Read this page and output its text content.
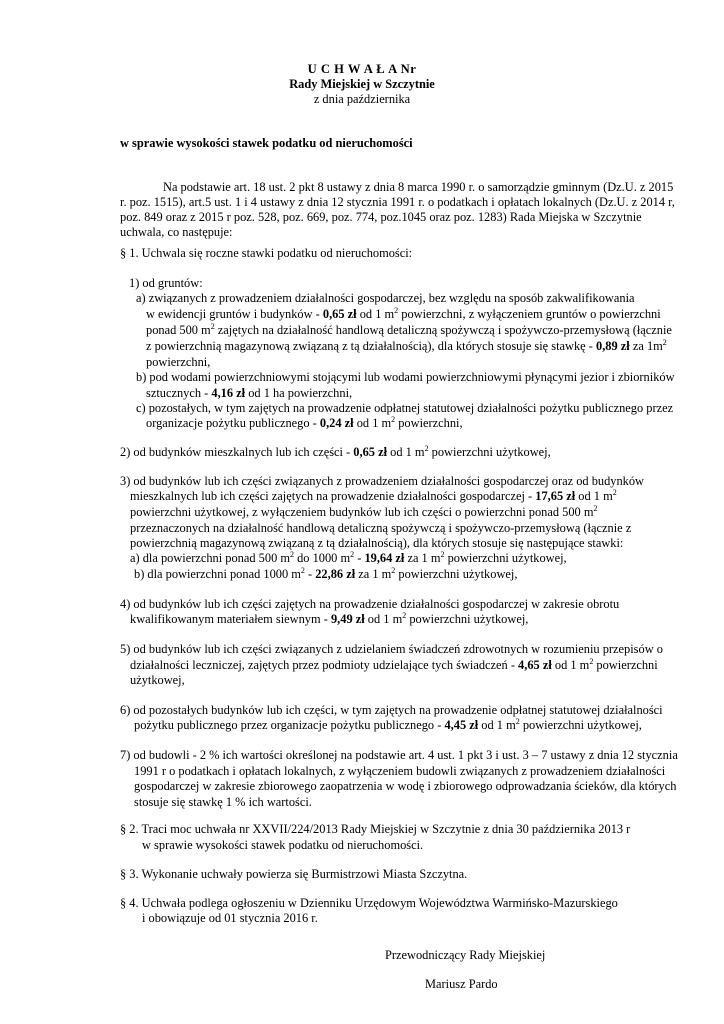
U C H W A Ł A Nr
Rady Miejskiej w Szczytnie
z dnia października
w sprawie wysokości stawek podatku od nieruchomości
Na podstawie art. 18 ust. 2 pkt 8 ustawy z dnia 8 marca 1990 r. o samorządzie gminnym (Dz.U. z 2015
r. poz. 1515), art.5 ust. 1 i 4 ustawy z dnia 12 stycznia 1991 r. o podatkach i opłatach lokalnych (Dz.U. z 2014 r,
poz. 849 oraz z 2015 r poz. 528, poz. 669, poz. 774, poz.1045 oraz poz. 1283) Rada Miejska w Szczytnie
uchwala, co następuje:
§ 1. Uchwala się roczne stawki podatku od nieruchomości:
1) od gruntów:
a) związanych z prowadzeniem działalności gospodarczej, bez względu na sposób zakwalifikowania
w ewidencji gruntów i budynków - 0,65 zł od 1 $m^2$ powierzchni, z wyłączeniem gruntów o powierzchni
ponad 500 $m^2$ zajętych na działalność handlową detaliczną spożywczą i spożywczo-przemysłową (łącznie
z powierzchnią magazynową związaną z tą działalnością), dla których stosuje się stawkę - 0,89 zł za $1m^2$
powierzchni,
b) pod wodami powierzchniowymi stojącymi lub wodami powierzchniowymi płynącymi jezior i zbiorników
sztucznych - 4,16 zł od 1 ha powierzchni,
c) pozostałych, w tym zajętych na prowadzenie odpłatnej statutowej działalności pożytku publicznego przez
organizacje pożytku publicznego - 0,24 zł od 1 $m^2$ powierzchni,
2) od budynków mieszkalnych lub ich części - 0,65 zł od 1 $m^2$ powierzchni użytkowej,
3) od budynków lub ich części związanych z prowadzeniem działalności gospodarczej oraz od budynków
mieszkalnych lub ich części zajętych na prowadzenie działalności gospodarczej - 17,65 zł od 1 $m^2$
powierzchni użytkowej, z wyłączeniem budynków lub ich części o powierzchni ponad 500 $m^2$
przeznaczonych na działalność handlową detaliczną spożywczą i spożywczo-przemysłową (łącznie z
powierzchnią magazynową związaną z tą działalnością), dla których stosuje się następujące stawki:
a) dla powierzchni ponad 500 $m^2$ do 1000 $m^2 - 19,64$ zł za 1 $m^2$ powierzchni użytkowej,
b) dla powierzchni ponad 1000 $m^2 - 22,86$ zł za 1 $m^2$ powierzchni użytkowej,
4) od budynków lub ich części zajętych na prowadzenie działalności gospodarczej w zakresie obrotu
kwalifikowanym materiałem siewnym - 9,49 zł od 1 $m^2$ powierzchni użytkowej,
5) od budynków lub ich części związanych z udzielaniem świadczeń zdrowotnych w rozumieniu przepisów o
działalności leczniczej, zajętych przez podmioty udzielające tych świadczeń - 4,65 zł od 1 $m^2$ powierzchni
użytkowej,
6) od pozostałych budynków lub ich części, w tym zajętych na prowadzenie odpłatnej statutowej działalności
pożytku publicznego przez organizacje pożytku publicznego - 4,45 zł od 1 $m^2$ powierzchni użytkowej,
7) od budowli - 2 % ich wartości określonej na podstawie art. 4 ust. 1 pkt 3 i ust. 3 – 7 ustawy z dnia 12 stycznia
1991 r o podatkach i opłatach lokalnych, z wyłączeniem budowli związanych z prowadzeniem działalności
gospodarczej w zakresie zbiorowego zaopatrzenia w wodę i zbiorowego odprowadzania ścieków, dla których
stosuje się stawkę 1 % ich wartości.
§ 2. Traci moc uchwała nr XXVII/224/2013 Rady Miejskiej w Szczytnie z dnia 30 października 2013 r
w sprawie wysokości stawek podatku od nieruchomości.
§ 3. Wykonanie uchwały powierza się Burmistrzowi Miasta Szczytna.
§ 4. Uchwała podlega ogłoszeniu w Dzienniku Urzędowym Województwa Warmińsko-Mazurskiego
i obowiązuje od 01 stycznia 2016 r.
Przewodniczący Rady Miejskiej
Mariusz Pardo
